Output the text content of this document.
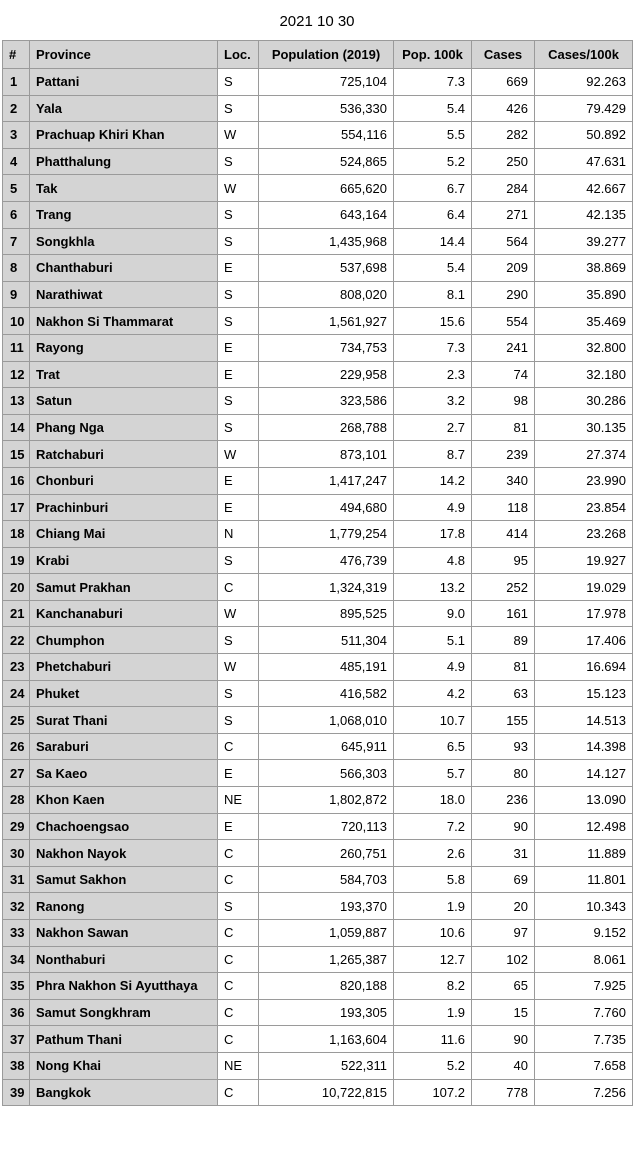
2021 10 30
#	Province	Loc.	Population (2019)	Pop. 100k	Cases	Cases/100k
1	Pattani	S	725,104	7.3	669	92.263
2	Yala	S	536,330	5.4	426	79.429
3	Prachuap Khiri Khan	W	554,116	5.5	282	50.892
4	Phatthalung	S	524,865	5.2	250	47.631
5	Tak	W	665,620	6.7	284	42.667
6	Trang	S	643,164	6.4	271	42.135
7	Songkhla	S	1,435,968	14.4	564	39.277
8	Chanthaburi	E	537,698	5.4	209	38.869
9	Narathiwat	S	808,020	8.1	290	35.890
10	Nakhon Si Thammarat	S	1,561,927	15.6	554	35.469
11	Rayong	E	734,753	7.3	241	32.800
12	Trat	E	229,958	2.3	74	32.180
13	Satun	S	323,586	3.2	98	30.286
14	Phang Nga	S	268,788	2.7	81	30.135
15	Ratchaburi	W	873,101	8.7	239	27.374
16	Chonburi	E	1,417,247	14.2	340	23.990
17	Prachinburi	E	494,680	4.9	118	23.854
18	Chiang Mai	N	1,779,254	17.8	414	23.268
19	Krabi	S	476,739	4.8	95	19.927
20	Samut Prakhan	C	1,324,319	13.2	252	19.029
21	Kanchanaburi	W	895,525	9.0	161	17.978
22	Chumphon	S	511,304	5.1	89	17.406
23	Phetchaburi	W	485,191	4.9	81	16.694
24	Phuket	S	416,582	4.2	63	15.123
25	Surat Thani	S	1,068,010	10.7	155	14.513
26	Saraburi	C	645,911	6.5	93	14.398
27	Sa Kaeo	E	566,303	5.7	80	14.127
28	Khon Kaen	NE	1,802,872	18.0	236	13.090
29	Chachoengsao	E	720,113	7.2	90	12.498
30	Nakhon Nayok	C	260,751	2.6	31	11.889
31	Samut Sakhon	C	584,703	5.8	69	11.801
32	Ranong	S	193,370	1.9	20	10.343
33	Nakhon Sawan	C	1,059,887	10.6	97	9.152
34	Nonthaburi	C	1,265,387	12.7	102	8.061
35	Phra Nakhon Si Ayutthaya	C	820,188	8.2	65	7.925
36	Samut Songkhram	C	193,305	1.9	15	7.760
37	Pathum Thani	C	1,163,604	11.6	90	7.735
38	Nong Khai	NE	522,311	5.2	40	7.658
39	Bangkok	C	10,722,815	107.2	778	7.256
